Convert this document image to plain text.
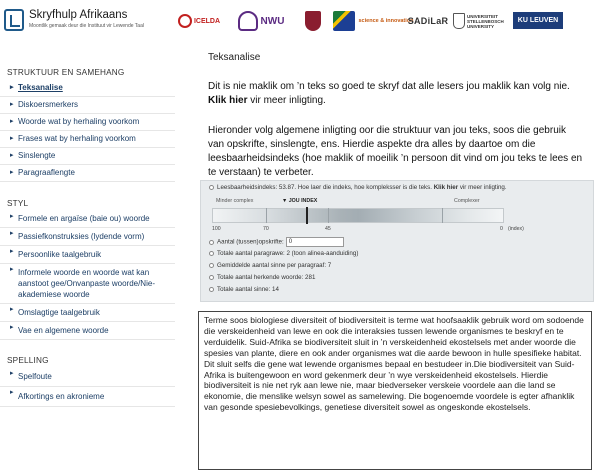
Skryfhulp Afrikaans
Moontlik gemaak deur die Instituut vir Lewende Taal
ICELDA	NWU	science & innovation
SADiLaR	UNIVERSITEIT STELLENBOSCH UNIVERSITY
KU LEUVEN
STRUKTUUR EN SAMEHANG
▸ Teksanalise
▸ Diskoersmerkers
▸ Woorde wat by herhaling voorkom
▸ Frases wat by herhaling voorkom
▸ Sinslengte
▸ Paragraaflengte
STYL
▸ Formele en argaïse (baie ou) woorde
▸ Passiefkonstruksies (lydende vorm)
▸ Persoonlike taalgebruik
▸ Informele woorde en woorde wat kan aanstoot gee/Onvanpaste woorde/Nie-akademiese woorde
▸ Omslagtige taalgebruik
▸ Vae en algemene woorde
SPELLING
▸ Spelfoute
▸ Afkortings en akronieme
Teksanalise
Dit is nie maklik om ’n teks so goed te skryf dat alle lesers jou maklik kan volg nie. Klik hier vir meer inligting.
Hieronder volg algemene inligting oor die struktuur van jou teks, soos die gebruik van opskrifte, sinslengte, ens. Hierdie aspekte dra alles by daartoe om die leesbaarheidsindeks (hoe maklik of moeilik ’n persoon dit vind om jou teks te lees en te verstaan) te verbeter.
Leesbaarheidsindeks: 53.87. Hoe laer die indeks, hoe kompleksser is die teks. Klik hier vir meer inligting.
Minder complex	▼ JOU INDEX	Complexer
100	70	45	0 (index)
Aantal (tussen)opskrifte: 0
Totale aantal paragrawe: 2 (toon alinea-aanduiding)
Gemiddelde aantal sinne per paragraaf: 7
Totale aantal herkende woorde: 281
Totale aantal sinne: 14
Terme soos biologiese diversiteit of biodiversiteit is terme wat hoofsaaklik gebruik word om sodoende die verskeidenheid van lewe en ook die interaksies tussen lewende organismes te beskryf en te verduidelik. Suid-Afrika se biodiversiteit sluit in ’n verskeidenheid ekostelsels met ander woorde die spesies van plante, diere en ook ander organismes wat die aarde bewoon in hulle spesifieke habitat. Dit sluit selfs die gene wat lewende organismes bepaal en bestudeer in.Die biodiversiteit van Suid-Afrika is buitengewoon en word gekenmerk deur ’n wye verskeidenheid ekostelsels. Hierdie biodiversiteit is nie net ryk aan lewe nie, maar biedverseker verskeie voordele aan die land se ekonomie, die menslike welsyn sowel as samelewing. Die bogenoemde voordele is egter afhanklik van gesonde spesiebevolkings, genetiese diversiteit sowel as ongeskonde ekostelsels.
